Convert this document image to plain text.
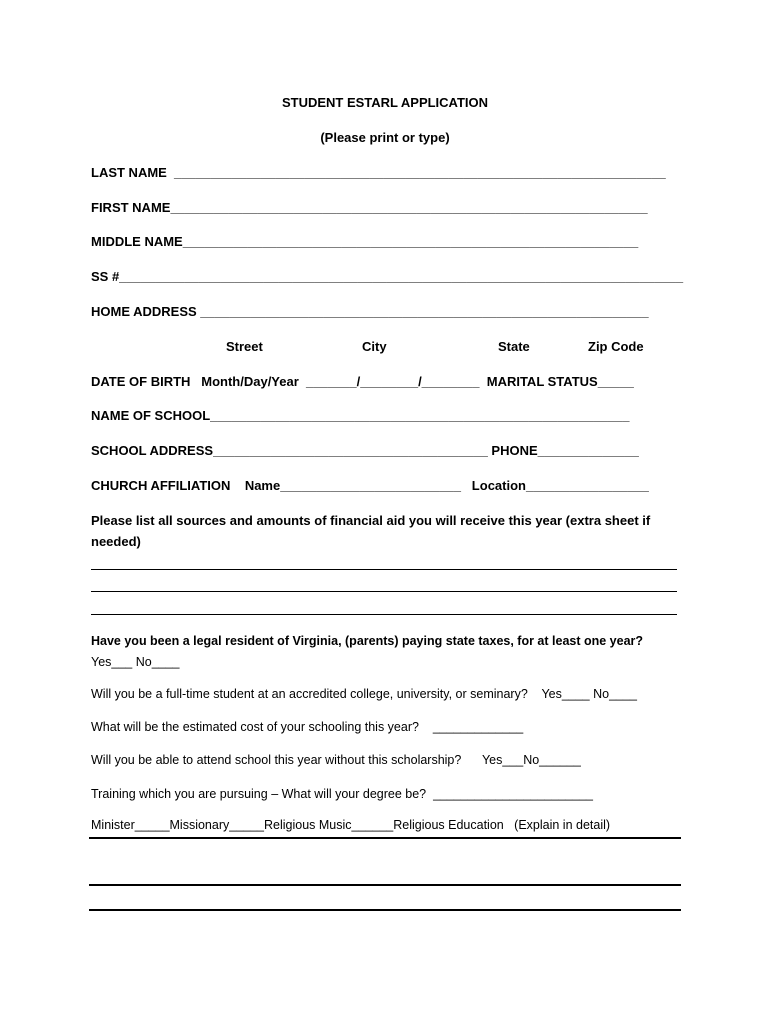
STUDENT ESTARL APPLICATION
(Please print or type)
LAST NAME  ____________________________________________________________________
FIRST NAME__________________________________________________________________
MIDDLE NAME_______________________________________________________________
SS #______________________________________________________________________________
HOME ADDRESS ______________________________________________________________
Street	City	State	Zip Code
DATE OF BIRTH   Month/Day/Year  _______/________/________  MARITAL STATUS_____
NAME OF SCHOOL__________________________________________________________
SCHOOL ADDRESS______________________________________ PHONE______________
CHURCH AFFILIATION    Name_________________________   Location_________________
Please list all sources and amounts of financial aid you will receive this year (extra sheet if needed)
Have you been a legal resident of Virginia, (parents) paying state taxes, for at least one year? Yes___ No____
Will you be a full-time student at an accredited college, university, or seminary?    Yes____ No____
What will be the estimated cost of your schooling this year?    _____________
Will you be able to attend school this year without this scholarship?      Yes___No______
Training which you are pursuing – What will your degree be?  _______________________
Minister_____Missionary_____Religious Music______Religious Education   (Explain in detail)
